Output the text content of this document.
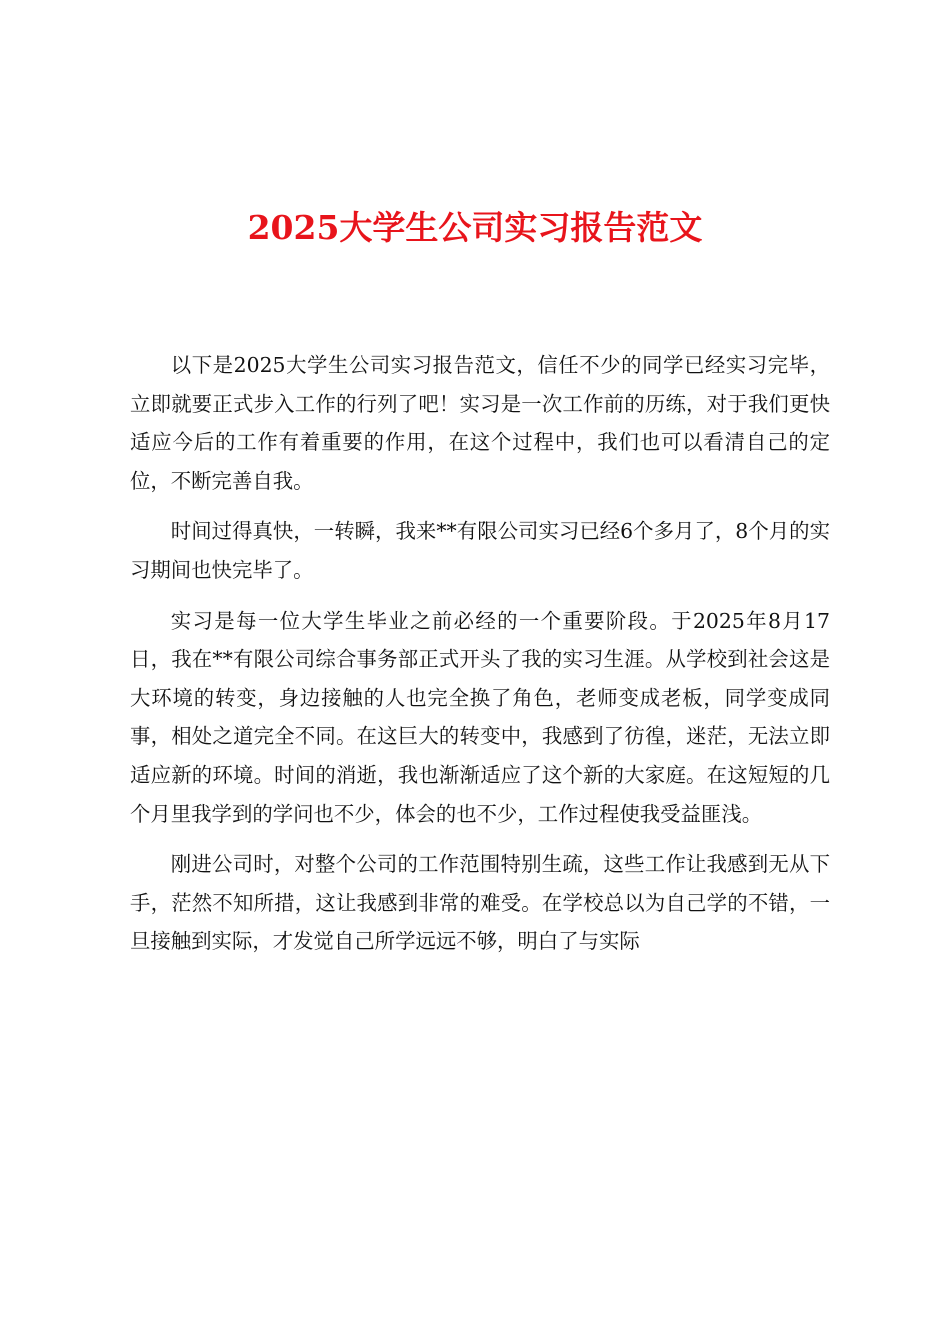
2025大学生公司实习报告范文

以下是2025大学生公司实习报告范文，信任不少的同学已经实习完毕，立即就要正式步入工作的行列了吧！实习是一次工作前的历练，对于我们更快适应今后的工作有着重要的作用，在这个过程中，我们也可以看清自己的定位，不断完善自我。

时间过得真快，一转瞬，我来**有限公司实习已经6个多月了，8个月的实习期间也快完毕了。

实习是每一位大学生毕业之前必经的一个重要阶段。于2025年8月17日，我在**有限公司综合事务部正式开头了我的实习生涯。从学校到社会这是大环境的转变，身边接触的人也完全换了角色，老师变成老板，同学变成同事，相处之道完全不同。在这巨大的转变中，我感到了彷徨，迷茫，无法立即适应新的环境。时间的消逝，我也渐渐适应了这个新的大家庭。在这短短的几个月里我学到的学问也不少，体会的也不少，工作过程使我受益匪浅。

刚进公司时，对整个公司的工作范围特别生疏，这些工作让我感到无从下手，茫然不知所措，这让我感到非常的难受。在学校总以为自己学的不错，一旦接触到实际，才发觉自己所学远远不够，明白了与实际
